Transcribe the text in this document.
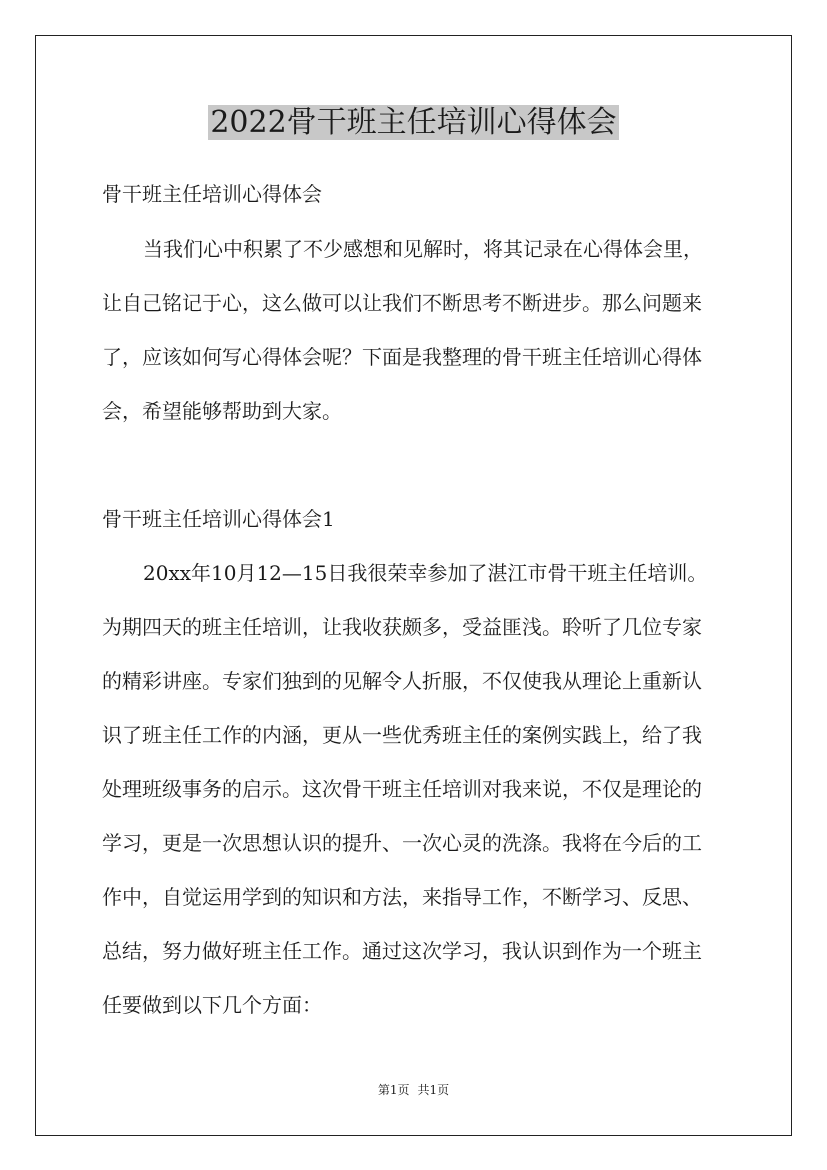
2022骨干班主任培训心得体会

骨干班主任培训心得体会

当我们心中积累了不少感想和见解时，将其记录在心得体会里，

让自己铭记于心，这么做可以让我们不断思考不断进步。那么问题来

了，应该如何写心得体会呢？下面是我整理的骨干班主任培训心得体

会，希望能够帮助到大家。

骨干班主任培训心得体会1

20xx年10月12—15日我很荣幸参加了湛江市骨干班主任培训。

为期四天的班主任培训，让我收获颇多，受益匪浅。聆听了几位专家

的精彩讲座。专家们独到的见解令人折服，不仅使我从理论上重新认

识了班主任工作的内涵，更从一些优秀班主任的案例实践上，给了我

处理班级事务的启示。这次骨干班主任培训对我来说，不仅是理论的

学习，更是一次思想认识的提升、一次心灵的洗涤。我将在今后的工

作中，自觉运用学到的知识和方法，来指导工作，不断学习、反思、

总结，努力做好班主任工作。通过这次学习，我认识到作为一个班主

任要做到以下几个方面：

第1页 共1页
